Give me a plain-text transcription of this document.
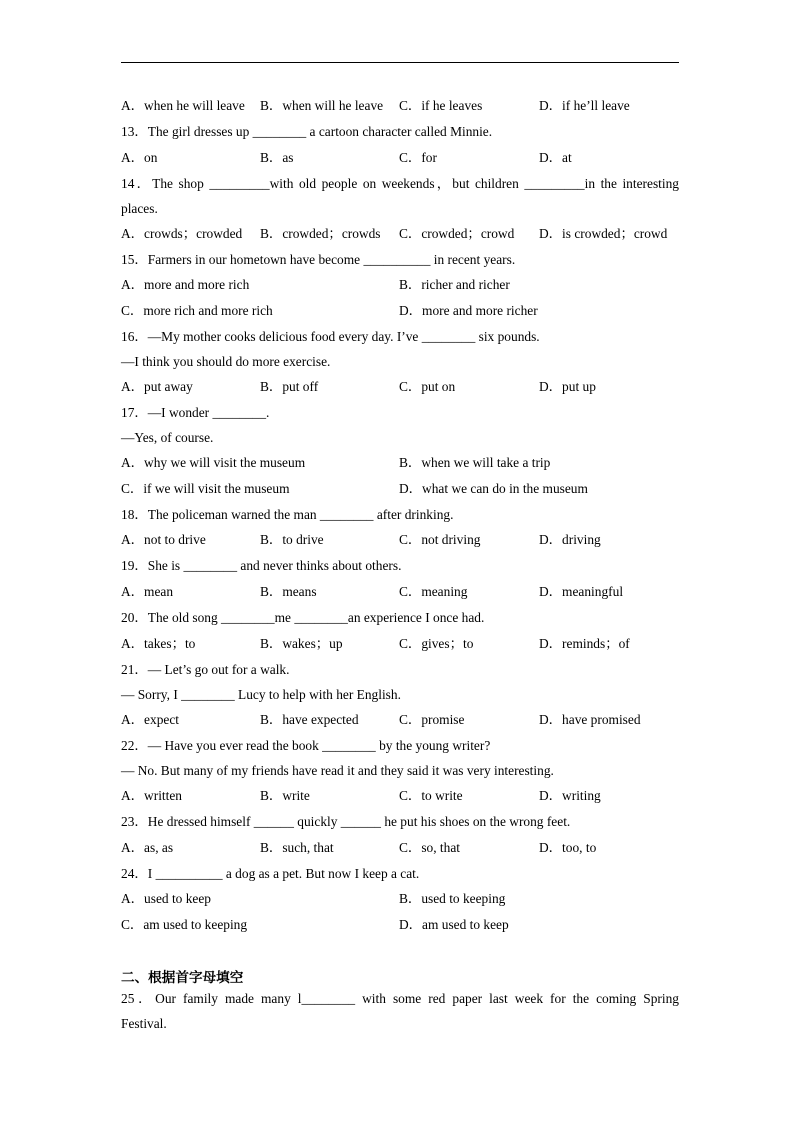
A．when he will leave B．when will he leave C．if he leaves	D．if he’ll leave
13．The girl dresses up ________ a cartoon character called Minnie.
A．on	B．as	C．for	D．at
14．The shop _________with old people on weekends，but children _________in the interesting
places.
A．crowds；crowded B．crowded；crowds C．crowded；crowd D．is crowded；crowd
15．Farmers in our hometown have become __________ in recent years.
A．more and more rich	B．richer and richer
C．more rich and more rich	D．more and more richer
16．—My mother cooks delicious food every day. I’ve ________ six pounds.
—I think you should do more exercise.
A．put away	B．put off	C．put on	D．put up
17．—I wonder ________.
—Yes, of course.
A．why we will visit the museum	B．when we will take a trip
C．if we will visit the museum	D．what we can do in the museum
18．The policeman warned the man ________ after drinking.
A．not to drive	B．to drive	C．not driving	D．driving
19．She is ________ and never thinks about others.
A．mean	B．means	C．meaning	D．meaningful
20．The old song ________me ________an experience I once had.
A．takes；to	B．wakes；up	C．gives；to	D．reminds；of
21．— Let’s go out for a walk.
— Sorry, I ________ Lucy to help with her English.
A．expect	B．have expected	C．promise	D．have promised
22．— Have you ever read the book ________ by the young writer?
— No. But many of my friends have read it and they said it was very interesting.
A．written	B．write	C．to write	D．writing
23．He dressed himself ______ quickly ______ he put his shoes on the wrong feet.
A．as, as	B．such, that	C．so, that	D．too, to
24．I __________ a dog as a pet. But now I keep a cat.
A．used to keep	B．used to keeping
C．am used to keeping	D．am used to keep
二、根据首字母填空
25．Our family made many l________ with some red paper last week for the coming Spring
Festival.
